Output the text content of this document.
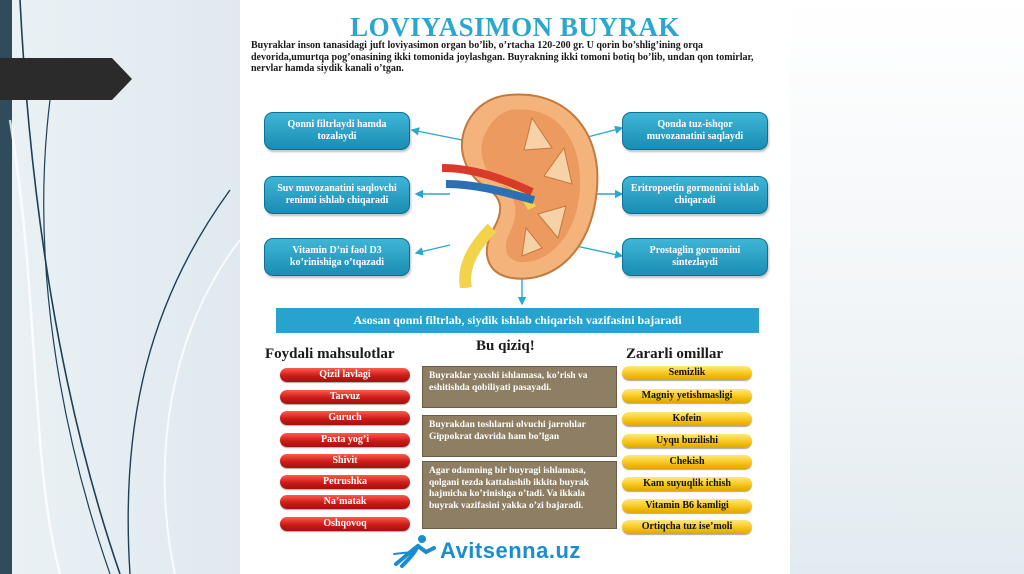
LOVIYASIMON BUYRAK
Buyraklar inson tanasidagi juft loviyasimon organ bo’lib, o’rtacha 120-200 gr. U qorin bo’shlig’ining orqa devorida,umurtqa pog’onasining ikki tomonida joylashgan. Buyrakning ikki tomoni botiq bo’lib, undan qon tomirlar, nervlar hamda siydik kanali o’tgan.
Qonni filtrlaydi hamda tozalaydi
Suv muvozanatini saqlovchi reninni ishlab chiqaradi
Vitamin D’ni faol D3 ko’rinishiga o’tqazadi
Qonda tuz-ishqor muvozanatini saqlaydi
Eritropoetin gormonini ishlab chiqaradi
Prostaglin gormonini sintezlaydi
Asosan qonni filtrlab, siydik ishlab chiqarish vazifasini bajaradi
Foydali mahsulotlar	Bu qiziq!	Zararli omillar
Qizil lavlagi
Tarvuz
Guruch
Paxta yog’i
Shivit
Petrushka
Na’matak
Oshqovoq
Buyraklar yaxshi ishlamasa, ko’rish va eshitishda qobiliyati pasayadi.
Buyrakdan toshlarni olvuchi jarrohlar Gippokrat davrida ham bo’lgan
Agar odamning bir buyragi ishlamasa, qolgani tezda kattalashib ikkita buyrak hajmicha ko’rinishga o’tadi. Va ikkala buyrak vazifasini yakka o’zi bajaradi.
Semizlik
Magniy yetishmasligi
Kofein
Uyqu buzilishi
Chekish
Kam suyuqlik ichish
Vitamin B6 kamligi
Ortiqcha tuz ise’moli
Avitsenna.uz
